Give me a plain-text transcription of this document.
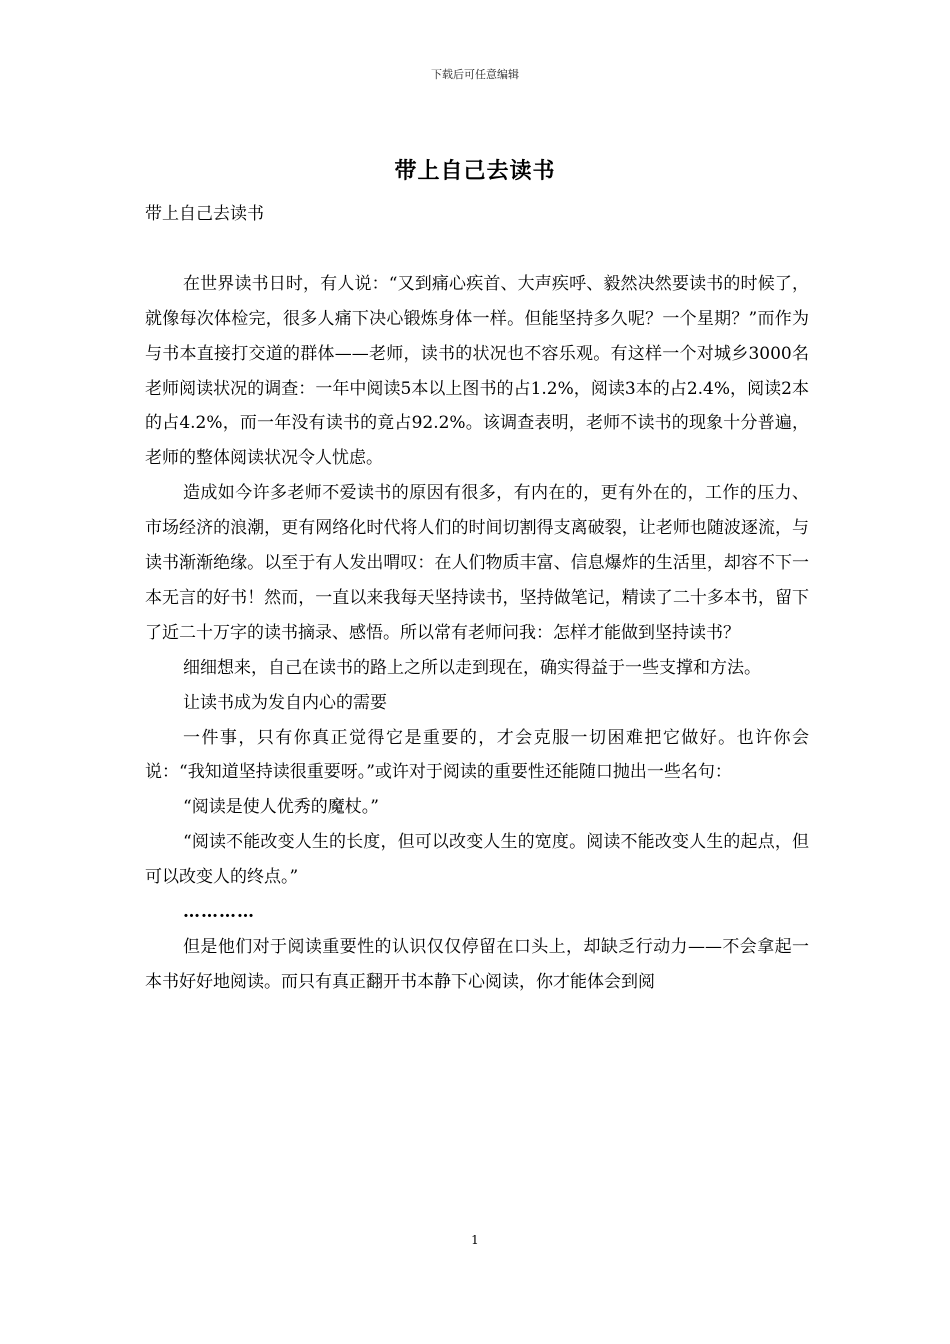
下载后可任意编辑
带上自己去读书

带上自己去读书

在世界读书日时，有人说：“又到痛心疾首、大声疾呼、毅然决然要读书的时候了，就像每次体检完，很多人痛下决心锻炼身体一样。但能坚持多久呢？一个星期？”而作为与书本直接打交道的群体——老师，读书的状况也不容乐观。有这样一个对城乡3000名老师阅读状况的调查：一年中阅读5本以上图书的占1.2%，阅读3本的占2.4%，阅读2本的占4.2%，而一年没有读书的竟占92.2%。该调查表明，老师不读书的现象十分普遍，老师的整体阅读状况令人忧虑。

造成如今许多老师不爱读书的原因有很多，有内在的，更有外在的，工作的压力、市场经济的浪潮，更有网络化时代将人们的时间切割得支离破裂，让老师也随波逐流，与读书渐渐绝缘。以至于有人发出喟叹：在人们物质丰富、信息爆炸的生活里，却容不下一本无言的好书！然而，一直以来我每天坚持读书，坚持做笔记，精读了二十多本书，留下了近二十万字的读书摘录、感悟。所以常有老师问我：怎样才能做到坚持读书？

细细想来，自己在读书的路上之所以走到现在，确实得益于一些支撑和方法。

让读书成为发自内心的需要

一件事，只有你真正觉得它是重要的，才会克服一切困难把它做好。也许你会说：“我知道坚持读很重要呀。”或许对于阅读的重要性还能随口抛出一些名句：

“阅读是使人优秀的魔杖。”

“阅读不能改变人生的长度，但可以改变人生的宽度。阅读不能改变人生的起点，但可以改变人的终点。”

…………

但是他们对于阅读重要性的认识仅仅停留在口头上，却缺乏行动力——不会拿起一本书好好地阅读。而只有真正翻开书本静下心阅读，你才能体会到阅

1
